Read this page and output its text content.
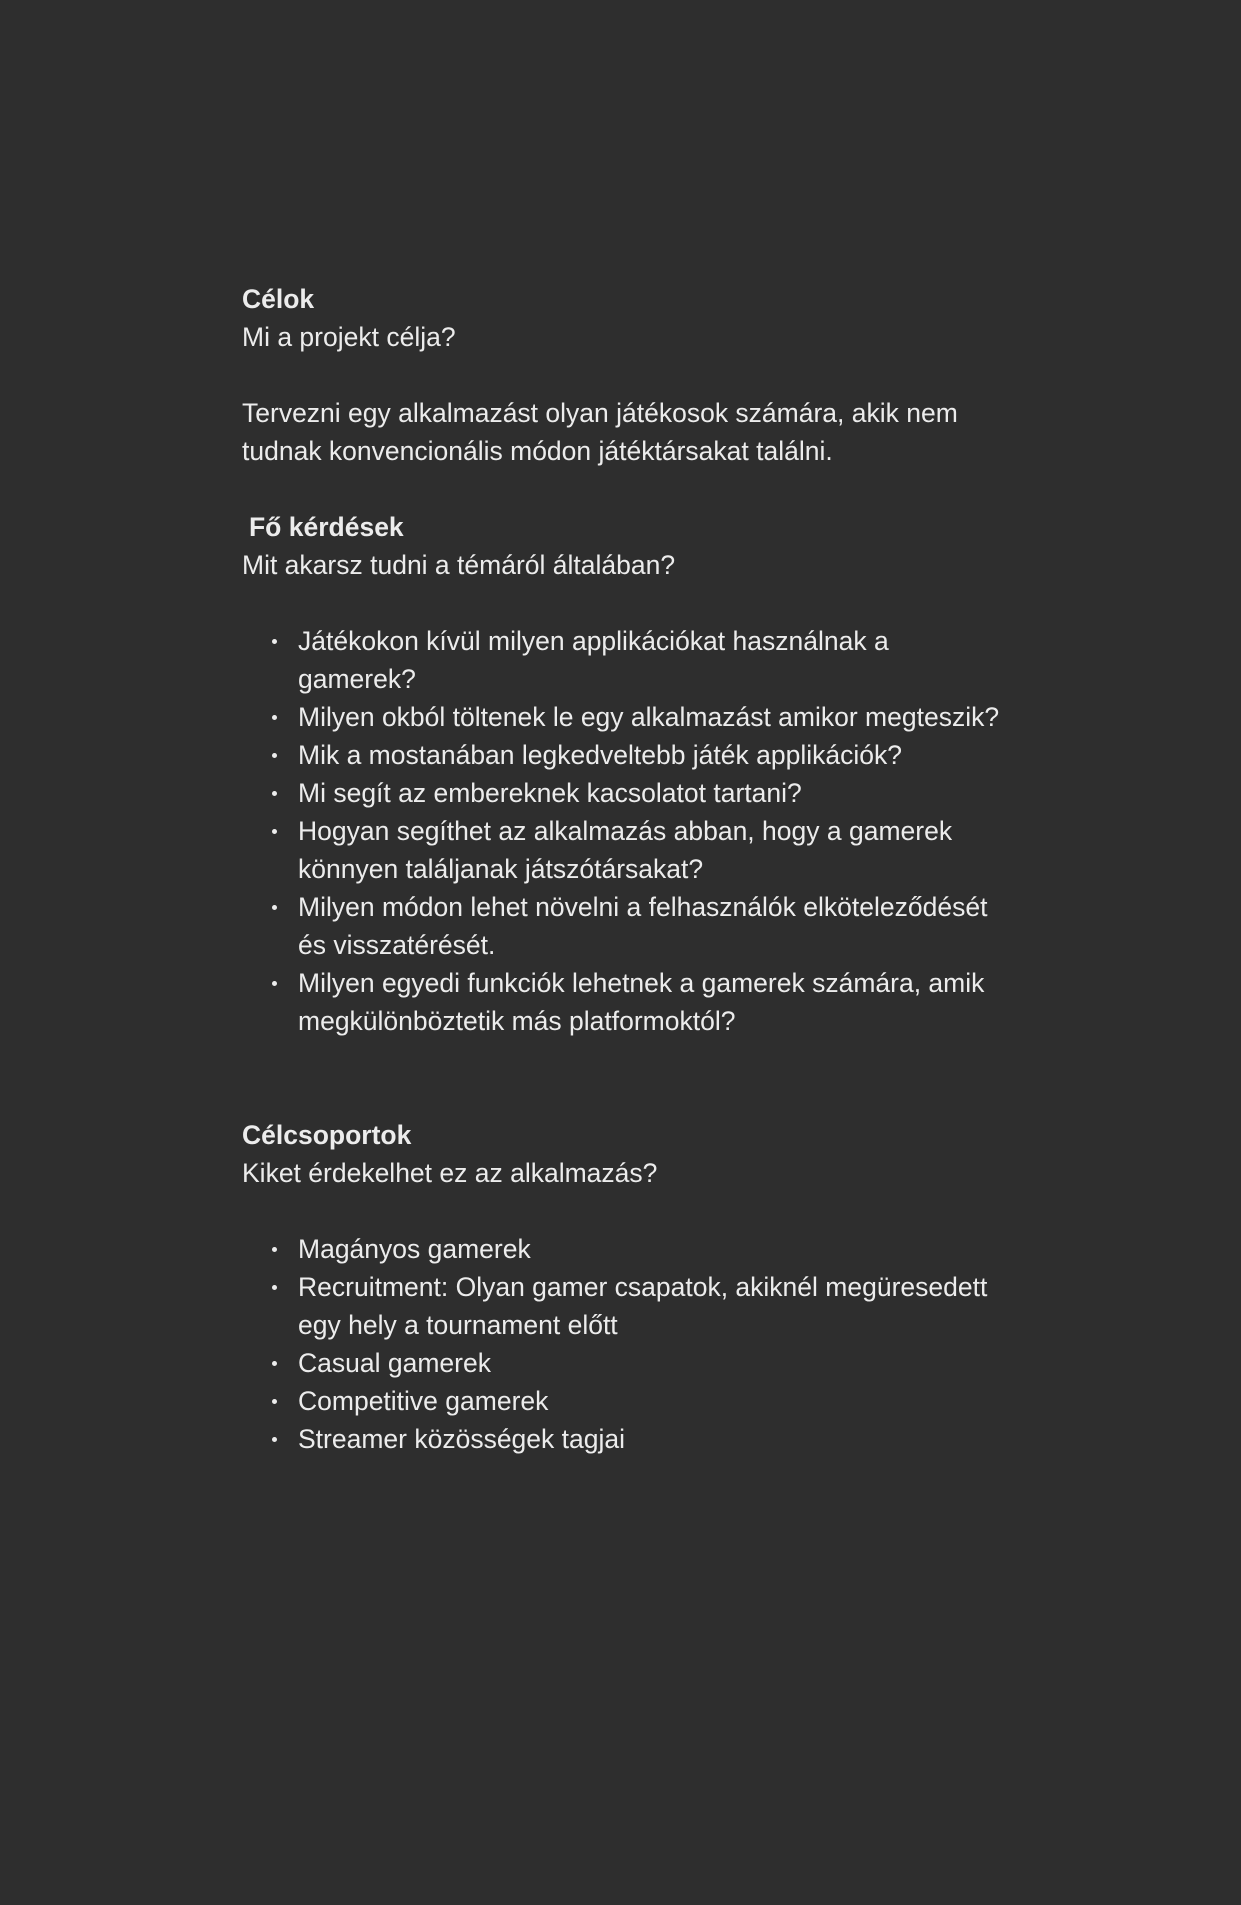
Célok

Mi a projekt célja?

Tervezni egy alkalmazást olyan játékosok számára, akik nem

tudnak konvencionális módon játéktársakat találni.

Fő kérdések

Mit akarsz tudni a témáról általában?

Játékokon kívül milyen applikációkat használnak a gamerek?
Milyen okból töltenek le egy alkalmazást amikor megteszik?
Mik a mostanában legkedveltebb játék applikációk?
Mi segít az embereknek kacsolatot tartani?
Hogyan segíthet az alkalmazás abban, hogy a gamerek könnyen találjanak játszótársakat?
Milyen módon lehet növelni a felhasználók elköteleződését és visszatérését.
Milyen egyedi funkciók lehetnek a gamerek számára, amik megkülönböztetik más platformoktól?

Célcsoportok

Kiket érdekelhet ez az alkalmazás?

Magányos gamerek
Recruitment: Olyan gamer csapatok, akiknél megüresedett egy hely a tournament előtt
Casual gamerek
Competitive gamerek
Streamer közösségek tagjai
